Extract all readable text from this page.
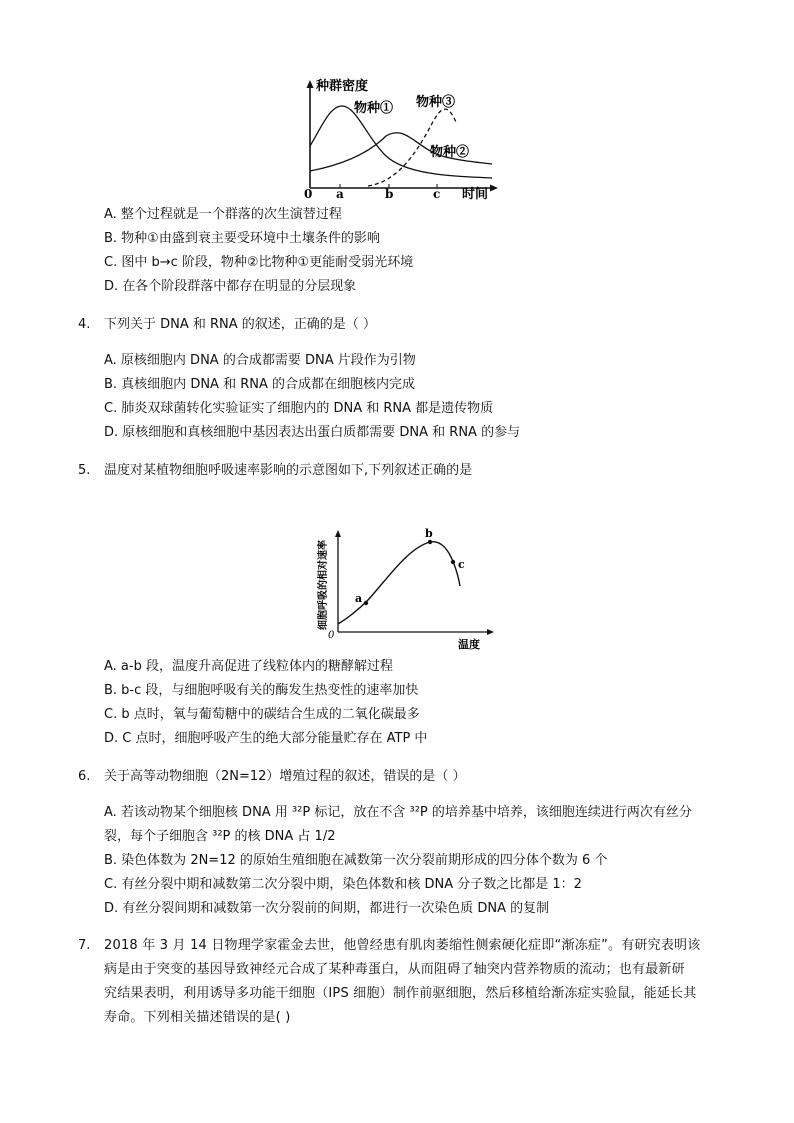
种群密度
0 a	b	c 时间
物种① 物种③
物种②
A. 整个过程就是一个群落的次生演替过程
B. 物种①由盛到衰主要受环境中土壤条件的影响
C. 图中 b→c 阶段，物种②比物种①更能耐受弱光环境
D. 在各个阶段群落中都存在明显的分层现象
4. 下列关于 DNA 和 RNA 的叙述，正确的是（ ）
A. 原核细胞内 DNA 的合成都需要 DNA 片段作为引物
B. 真核细胞内 DNA 和 RNA 的合成都在细胞核内完成
C. 肺炎双球菌转化实验证实了细胞内的 DNA 和 RNA 都是遗传物质
D. 原核细胞和真核细胞中基因表达出蛋白质都需要 DNA 和 RNA 的参与
5. 温度对某植物细胞呼吸速率影响的示意图如下,下列叙述正确的是
a
b
c
0
温度
细胞呼吸的相对速率
A. a-b 段，温度升高促进了线粒体内的糖酵解过程
B. b-c 段，与细胞呼吸有关的酶发生热变性的速率加快
C. b 点时，氧与葡萄糖中的碳结合生成的二氧化碳最多
D. C 点时，细胞呼吸产生的绝大部分能量贮存在 ATP 中
6. 关于高等动物细胞（2N=12）增殖过程的叙述，错误的是（ ）
A. 若该动物某个细胞核 DNA 用 ³²P 标记，放在不含 ³²P 的培养基中培养，该细胞连续进行两次有丝分
裂，每个子细胞含 ³²P 的核 DNA 占 1/2
B. 染色体数为 2N=12 的原始生殖细胞在减数第一次分裂前期形成的四分体个数为 6 个
C. 有丝分裂中期和减数第二次分裂中期，染色体数和核 DNA 分子数之比都是 1：2
D. 有丝分裂间期和减数第一次分裂前的间期，都进行一次染色质 DNA 的复制
7. 2018 年 3 月 14 日物理学家霍金去世，他曾经患有肌肉萎缩性侧索硬化症即“渐冻症”。有研究表明该
病是由于突变的基因导致神经元合成了某种毒蛋白，从而阻碍了轴突内营养物质的流动；也有最新研
究结果表明，利用诱导多功能干细胞（IPS 细胞）制作前驱细胞，然后移植给渐冻症实验鼠，能延长其
寿命。下列相关描述错误的是( )
